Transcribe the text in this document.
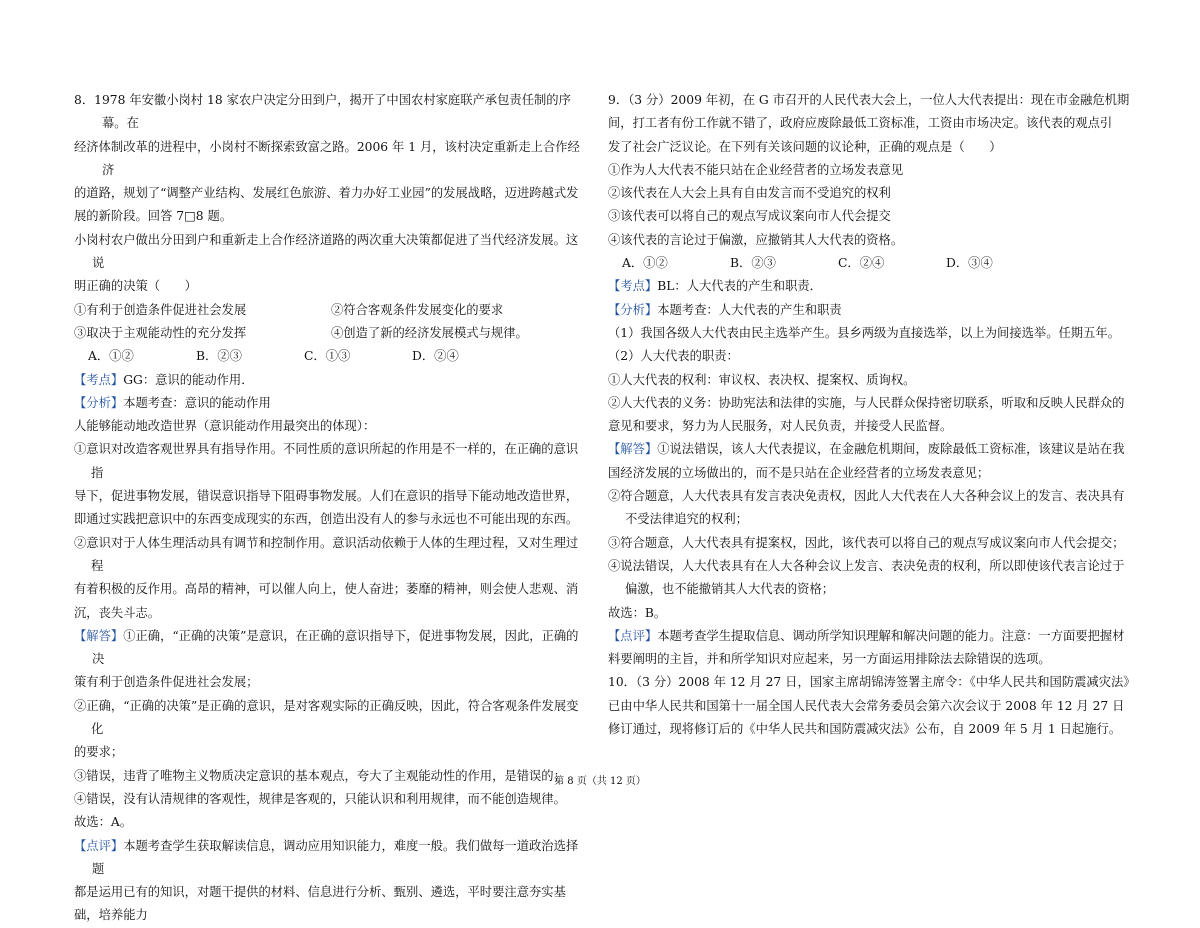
8．1978 年安徽小岗村 18 家农户决定分田到户，揭开了中国农村家庭联产承包责任制的序幕。在
经济体制改革的进程中，小岗村不断探索致富之路。2006 年 1 月，该村决定重新走上合作经济
的道路，规划了“调整产业结构、发展红色旅游、着力办好工业园”的发展战略，迈进跨越式发
展的新阶段。回答 7□8 题。
小岗村农户做出分田到户和重新走上合作经济道路的两次重大决策都促进了当代经济发展。这说
明正确的决策（　　）
①有利于创造条件促进社会发展	②符合客观条件发展变化的要求
③取决于主观能动性的充分发挥	④创造了新的经济发展模式与规律。
A．①②	B．②③	C．①③	D．②④
【考点】GG：意识的能动作用．
【分析】本题考查：意识的能动作用
人能够能动地改造世界（意识能动作用最突出的体现）：
①意识对改造客观世界具有指导作用。不同性质的意识所起的作用是不一样的，在正确的意识指
导下，促进事物发展，错误意识指导下阻碍事物发展。人们在意识的指导下能动地改造世界，
即通过实践把意识中的东西变成现实的东西，创造出没有人的参与永远也不可能出现的东西。
②意识对于人体生理活动具有调节和控制作用。意识活动依赖于人体的生理过程，又对生理过程
有着积极的反作用。高昂的精神，可以催人向上，使人奋进；萎靡的精神，则会使人悲观、消
沉，丧失斗志。
【解答】①正确，“正确的决策”是意识，在正确的意识指导下，促进事物发展，因此，正确的决
策有利于创造条件促进社会发展；
②正确，“正确的决策”是正确的意识，是对客观实际的正确反映，因此，符合客观条件发展变化
的要求；
③错误，违背了唯物主义物质决定意识的基本观点，夸大了主观能动性的作用，是错误的；
④错误，没有认清规律的客观性，规律是客观的，只能认识和利用规律，而不能创造规律。
故选：A。
【点评】本题考查学生获取解读信息，调动应用知识能力，难度一般。我们做每一道政治选择题
都是运用已有的知识，对题干提供的材料、信息进行分析、甄别、遴选，平时要注意夯实基
础，培养能力
9．（3 分）2009 年初，在 G 市召开的人民代表大会上，一位人大代表提出：现在市金融危机期
间，打工者有份工作就不错了，政府应废除最低工资标准，工资由市场决定。该代表的观点引
发了社会广泛议论。在下列有关该问题的议论种，正确的观点是（　　）
①作为人大代表不能只站在企业经营者的立场发表意见
②该代表在人大会上具有自由发言而不受追究的权利
③该代表可以将自己的观点写成议案向市人代会提交
④该代表的言论过于偏激，应撤销其人大代表的资格。
A．①②	B．②③	C．②④	D．③④
【考点】BL：人大代表的产生和职责．
【分析】本题考查：人大代表的产生和职责
（1）我国各级人大代表由民主选举产生。县乡两级为直接选举，以上为间接选举。任期五年。
（2）人大代表的职责：
①人大代表的权利：审议权、表决权、提案权、质询权。
②人大代表的义务：协助宪法和法律的实施，与人民群众保持密切联系，听取和反映人民群众的
意见和要求，努力为人民服务，对人民负责，并接受人民监督。
【解答】①说法错误，该人大代表提议，在金融危机期间，废除最低工资标准，该建议是站在我
国经济发展的立场做出的，而不是只站在企业经营者的立场发表意见；
②符合题意，人大代表具有发言表决免责权，因此人大代表在人大各种会议上的发言、表决具有
不受法律追究的权利；
③符合题意，人大代表具有提案权，因此，该代表可以将自己的观点写成议案向市人代会提交；
④说法错误，人大代表具有在人大各种会议上发言、表决免责的权利，所以即使该代表言论过于
偏激，也不能撤销其人大代表的资格；
故选：B。
【点评】本题考查学生提取信息、调动所学知识理解和解决问题的能力。注意：一方面要把握材
料要阐明的主旨，并和所学知识对应起来，另一方面运用排除法去除错误的选项。
10．（3 分）2008 年 12 月 27 日，国家主席胡锦涛签署主席令：《中华人民共和国防震减灾法》
已由中华人民共和国第十一届全国人民代表大会常务委员会第六次会议于 2008 年 12 月 27 日
修订通过，现将修订后的《中华人民共和国防震减灾法》公布，自 2009 年 5 月 1 日起施行。
第 8 页（共 12 页）
